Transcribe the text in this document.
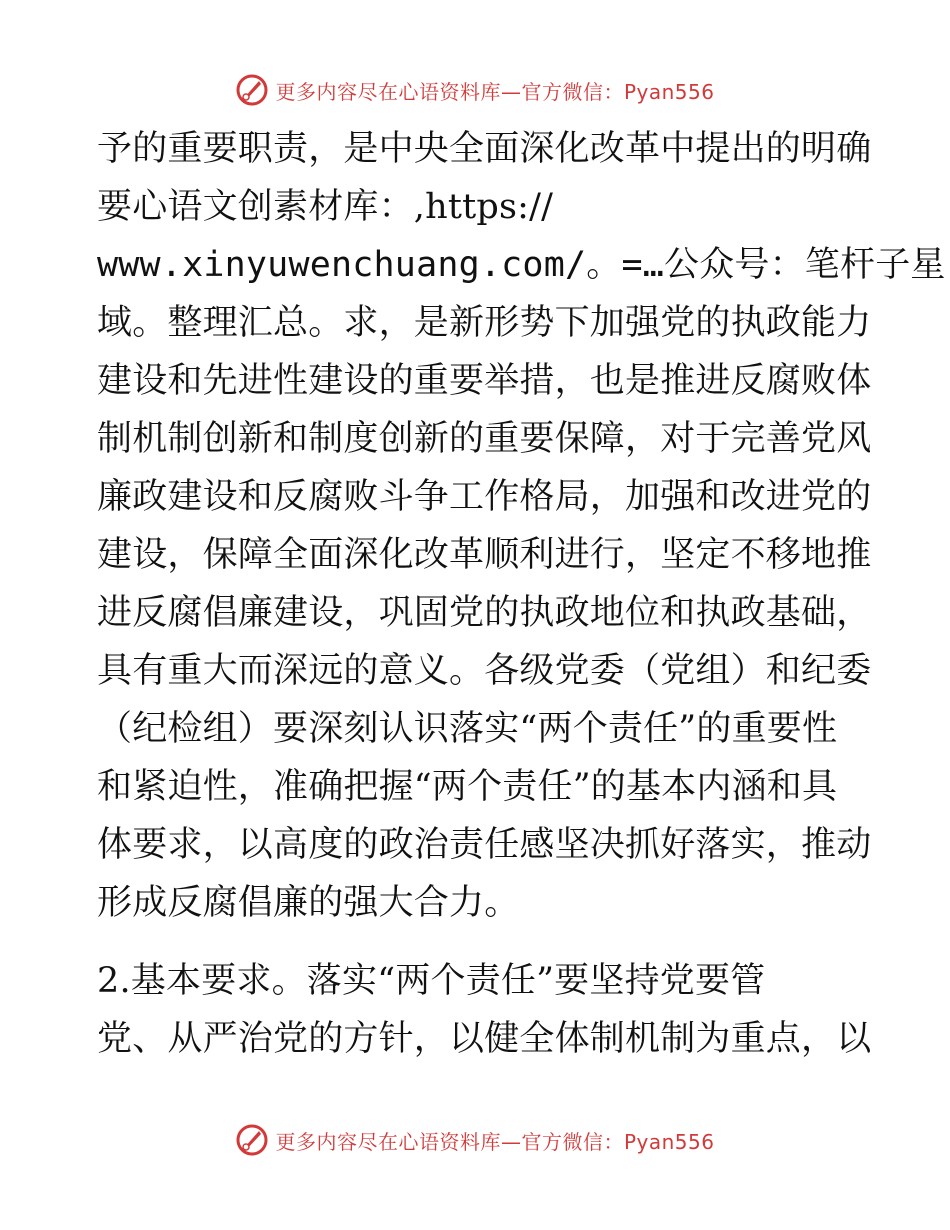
更多内容尽在心语资料库—官方微信：Pyan556
予的重要职责，是中央全面深化改革中提出的明确
要心语文创素材库：,https://
www.xinyuwenchuang.com/。=…公众号：笔杆子星
域。整理汇总。求，是新形势下加强党的执政能力
建设和先进性建设的重要举措，也是推进反腐败体
制机制创新和制度创新的重要保障，对于完善党风
廉政建设和反腐败斗争工作格局，加强和改进党的
建设，保障全面深化改革顺利进行，坚定不移地推
进反腐倡廉建设，巩固党的执政地位和执政基础，
具有重大而深远的意义。各级党委（党组）和纪委
（纪检组）要深刻认识落实“两个责任”的重要性
和紧迫性，准确把握“两个责任”的基本内涵和具
体要求，以高度的政治责任感坚决抓好落实，推动
形成反腐倡廉的强大合力。
2.基本要求。落实“两个责任”要坚持党要管
党、从严治党的方针，以健全体制机制为重点，以
更多内容尽在心语资料库—官方微信：Pyan556
